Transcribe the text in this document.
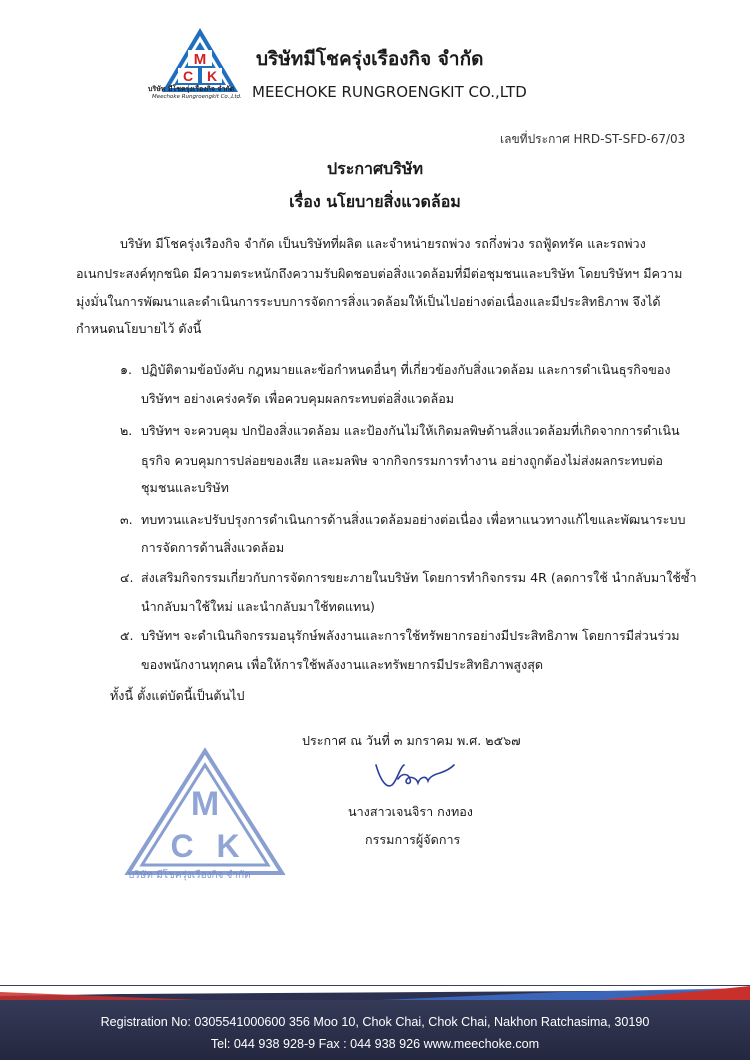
M
C K
บริษัท มีโชครุ่งเรืองกิจ จำกัด
Meechoke Rungroengkit Co.,Ltd.
บริษัทมีโชครุ่งเรืองกิจ จำกัด
MEECHOKE RUNGROENGKIT CO.,LTD
เลขที่ประกาศ HRD-ST-SFD-67/03
ประกาศบริษัท
เรื่อง นโยบายสิ่งแวดล้อม
บริษัท มีโชครุ่งเรืองกิจ จำกัด เป็นบริษัทที่ผลิต และจำหน่ายรถพ่วง รถกึ่งพ่วง รถฟู้ดทรัค และรถพ่วง
อเนกประสงค์ทุกชนิด มีความตระหนักถึงความรับผิดชอบต่อสิ่งแวดล้อมที่มีต่อชุมชนและบริษัท โดยบริษัทฯ มีความ
มุ่งมั่นในการพัฒนาและดำเนินการระบบการจัดการสิ่งแวดล้อมให้เป็นไปอย่างต่อเนื่องและมีประสิทธิภาพ จึงได้
กำหนดนโยบายไว้ ดังนี้
๑. ปฏิบัติตามข้อบังคับ กฎหมายและข้อกำหนดอื่นๆ ที่เกี่ยวข้องกับสิ่งแวดล้อม และการดำเนินธุรกิจของ
บริษัทฯ อย่างเคร่งครัด เพื่อควบคุมผลกระทบต่อสิ่งแวดล้อม
๒. บริษัทฯ จะควบคุม ปกป้องสิ่งแวดล้อม และป้องกันไม่ให้เกิดมลพิษด้านสิ่งแวดล้อมที่เกิดจากการดำเนิน
ธุรกิจ ควบคุมการปล่อยของเสีย และมลพิษ จากกิจกรรมการทำงาน อย่างถูกต้องไม่ส่งผลกระทบต่อ
ชุมชนและบริษัท
๓. ทบทวนและปรับปรุงการดำเนินการด้านสิ่งแวดล้อมอย่างต่อเนื่อง เพื่อหาแนวทางแก้ไขและพัฒนาระบบ
การจัดการด้านสิ่งแวดล้อม
๔. ส่งเสริมกิจกรรมเกี่ยวกับการจัดการขยะภายในบริษัท โดยการทำกิจกรรม 4R (ลดการใช้ นำกลับมาใช้ซ้ำ
นำกลับมาใช้ใหม่ และนำกลับมาใช้ทดแทน)
๕. บริษัทฯ จะดำเนินกิจกรรมอนุรักษ์พลังงานและการใช้ทรัพยากรอย่างมีประสิทธิภาพ โดยการมีส่วนร่วม
ของพนักงานทุกคน เพื่อให้การใช้พลังงานและทรัพยากรมีประสิทธิภาพสูงสุด
ทั้งนี้ ตั้งแต่บัดนี้เป็นต้นไป
ประกาศ ณ วันที่ ๓ มกราคม พ.ศ. ๒๕๖๗
นางสาวเจนจิรา กงทอง
กรรมการผู้จัดการ
M
C K
บริษัท มีโชครุ่งเรืองกิจ จำกัด
Registration No: 0305541000600 356 Moo 10, Chok Chai, Chok Chai, Nakhon Ratchasima, 30190
Tel: 044 938 928-9 Fax : 044 938 926 www.meechoke.com
